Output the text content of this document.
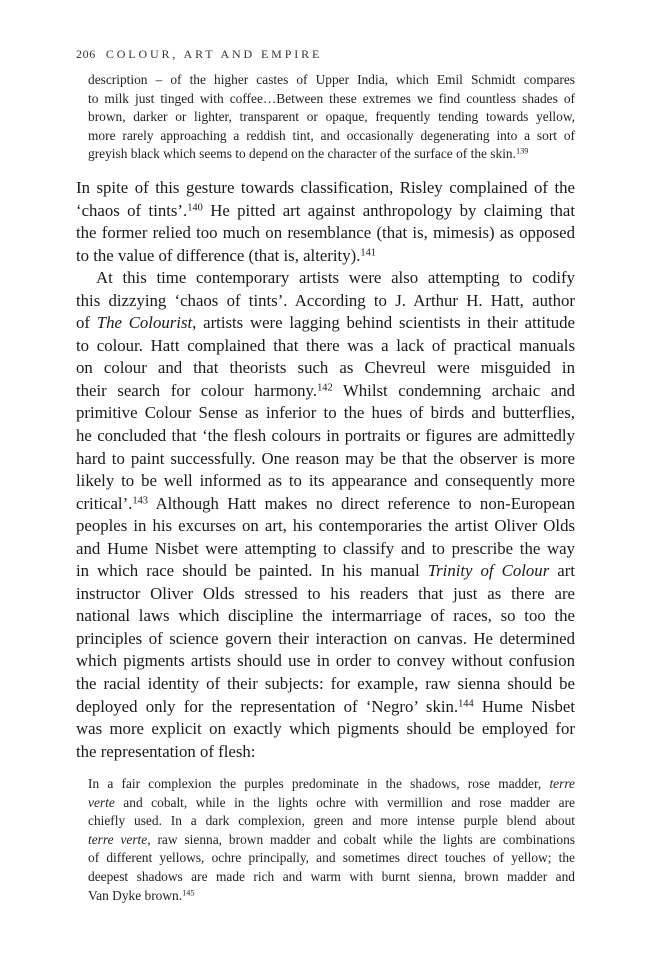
206 COLOUR, ART AND EMPIRE
description – of the higher castes of Upper India, which Emil Schmidt compares
to milk just tinged with coffee…Between these extremes we find countless shades of
brown, darker or lighter, transparent or opaque, frequently tending towards yellow,
more rarely approaching a reddish tint, and occasionally degenerating into a sort of
greyish black which seems to depend on the character of the surface of the skin.$^{139}$
In spite of this gesture towards classification, Risley complained of the
‘chaos of tints’.$^{140}$ He pitted art against anthropology by claiming that
the former relied too much on resemblance (that is, mimesis) as opposed
to the value of difference (that is, alterity).$^{141}$
At this time contemporary artists were also attempting to codify
this dizzying ‘chaos of tints’. According to J. Arthur H. Hatt, author
of The Colourist, artists were lagging behind scientists in their attitude
to colour. Hatt complained that there was a lack of practical manuals
on colour and that theorists such as Chevreul were misguided in
their search for colour harmony.$^{142}$ Whilst condemning archaic and
primitive Colour Sense as inferior to the hues of birds and butterflies,
he concluded that ‘the flesh colours in portraits or figures are admittedly
hard to paint successfully. One reason may be that the observer is more
likely to be well informed as to its appearance and consequently more
critical’.$^{143}$ Although Hatt makes no direct reference to non-European
peoples in his excurses on art, his contemporaries the artist Oliver Olds
and Hume Nisbet were attempting to classify and to prescribe the way
in which race should be painted. In his manual Trinity of Colour art
instructor Oliver Olds stressed to his readers that just as there are
national laws which discipline the intermarriage of races, so too the
principles of science govern their interaction on canvas. He determined
which pigments artists should use in order to convey without confusion
the racial identity of their subjects: for example, raw sienna should be
deployed only for the representation of ‘Negro’ skin.$^{144}$ Hume Nisbet
was more explicit on exactly which pigments should be employed for
the representation of flesh:
In a fair complexion the purples predominate in the shadows, rose madder, terre
verte and cobalt, while in the lights ochre with vermillion and rose madder are
chiefly used. In a dark complexion, green and more intense purple blend about
terre verte, raw sienna, brown madder and cobalt while the lights are combinations
of different yellows, ochre principally, and sometimes direct touches of yellow; the
deepest shadows are made rich and warm with burnt sienna, brown madder and
Van Dyke brown.$^{145}$
